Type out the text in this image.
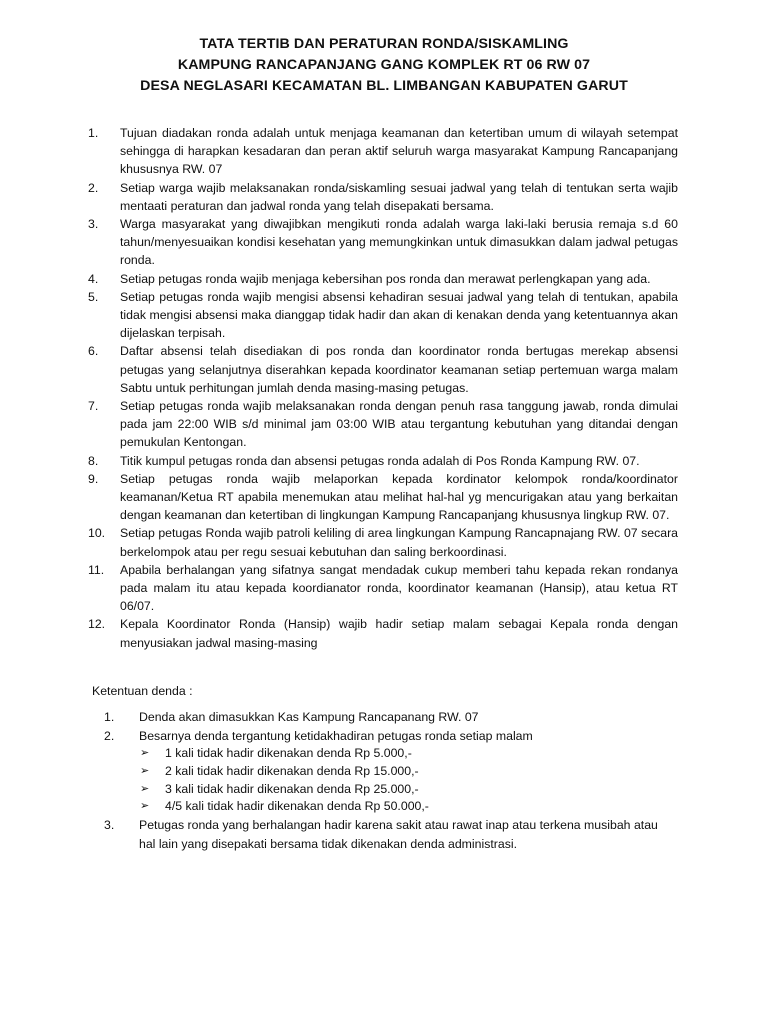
TATA TERTIB DAN PERATURAN RONDA/SISKAMLING
KAMPUNG RANCAPANJANG GANG KOMPLEK RT 06 RW 07
DESA NEGLASARI KECAMATAN BL. LIMBANGAN KABUPATEN GARUT
1.	Tujuan diadakan ronda adalah untuk menjaga keamanan dan ketertiban umum di wilayah setempat sehingga di harapkan kesadaran dan peran aktif seluruh warga masyarakat Kampung Rancapanjang khususnya RW. 07
2.	Setiap warga wajib melaksanakan ronda/siskamling sesuai jadwal yang telah di tentukan serta wajib mentaati peraturan dan jadwal ronda yang telah disepakati bersama.
3.	Warga masyarakat yang diwajibkan mengikuti ronda adalah warga laki-laki berusia remaja s.d 60 tahun/menyesuaikan kondisi kesehatan yang memungkinkan untuk dimasukkan dalam jadwal petugas ronda.
4.	Setiap petugas ronda wajib menjaga kebersihan pos ronda dan merawat perlengkapan yang ada.
5.	Setiap petugas ronda wajib mengisi absensi kehadiran sesuai jadwal yang telah di tentukan, apabila tidak mengisi absensi maka dianggap tidak hadir dan akan di kenakan denda yang ketentuannya akan dijelaskan terpisah.
6.	Daftar absensi telah disediakan di pos ronda dan koordinator ronda bertugas merekap absensi petugas yang selanjutnya diserahkan kepada koordinator keamanan setiap pertemuan warga malam Sabtu untuk perhitungan jumlah denda masing-masing petugas.
7.	Setiap petugas ronda wajib melaksanakan ronda dengan penuh rasa tanggung jawab, ronda dimulai pada jam 22:00 WIB s/d minimal jam 03:00 WIB atau tergantung kebutuhan yang ditandai dengan pemukulan Kentongan.
8.	Titik kumpul petugas ronda dan absensi petugas ronda adalah di Pos Ronda Kampung RW. 07.
9.	Setiap petugas ronda wajib melaporkan kepada kordinator kelompok ronda/koordinator keamanan/Ketua RT apabila menemukan atau melihat hal-hal yg mencurigakan atau yang berkaitan dengan keamanan dan ketertiban di lingkungan Kampung Rancapanjang khususnya lingkup RW. 07.
10.	Setiap petugas Ronda wajib patroli keliling di area lingkungan Kampung Rancapnajang RW. 07 secara berkelompok atau per regu sesuai kebutuhan dan saling berkoordinasi.
11.	Apabila berhalangan yang sifatnya sangat mendadak cukup memberi tahu kepada rekan rondanya pada malam itu atau kepada koordianator ronda, koordinator keamanan (Hansip), atau ketua RT 06/07.
12.	Kepala Koordinator Ronda (Hansip) wajib hadir setiap malam sebagai Kepala ronda dengan menyusiakan jadwal masing-masing
Ketentuan denda :
1.	Denda akan dimasukkan Kas Kampung Rancapanang RW. 07
2.	Besarnya denda tergantung ketidakhadiran petugas ronda setiap malam
➢ 1 kali tidak hadir dikenakan denda Rp 5.000,-
➢ 2 kali tidak hadir dikenakan denda Rp 15.000,-
➢ 3 kali tidak hadir dikenakan denda Rp 25.000,-
➢ 4/5 kali tidak hadir dikenakan denda Rp 50.000,-
3.	Petugas ronda yang berhalangan hadir karena sakit atau rawat inap atau terkena musibah atau hal lain yang disepakati bersama tidak dikenakan denda administrasi.
